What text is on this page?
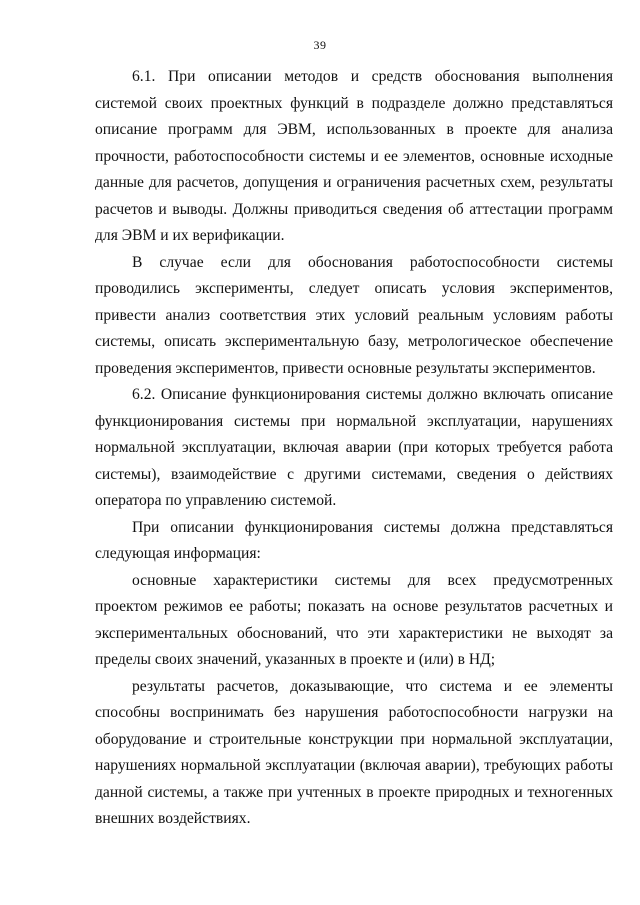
39

6.1. При описании методов и средств обоснования выполнения системой своих проектных функций в подразделе должно представляться описание программ для ЭВМ, использованных в проекте для анализа прочности, работоспособности системы и ее элементов, основные исходные данные для расчетов, допущения и ограничения расчетных схем, результаты расчетов и выводы. Должны приводиться сведения об аттестации программ для ЭВМ и их верификации.

В случае если для обоснования работоспособности системы проводились эксперименты, следует описать условия экспериментов, привести анализ соответствия этих условий реальным условиям работы системы, описать экспериментальную базу, метрологическое обеспечение проведения экспериментов, привести основные результаты экспериментов.

6.2. Описание функционирования системы должно включать описание функционирования системы при нормальной эксплуатации, нарушениях нормальной эксплуатации, включая аварии (при которых требуется работа системы), взаимодействие с другими системами, сведения о действиях оператора по управлению системой.

При описании функционирования системы должна представляться следующая информация:

основные характеристики системы для всех предусмотренных проектом режимов ее работы; показать на основе результатов расчетных и экспериментальных обоснований, что эти характеристики не выходят за пределы своих значений, указанных в проекте и (или) в НД;

результаты расчетов, доказывающие, что система и ее элементы способны воспринимать без нарушения работоспособности нагрузки на оборудование и строительные конструкции при нормальной эксплуатации, нарушениях нормальной эксплуатации (включая аварии), требующих работы данной системы, а также при учтенных в проекте природных и техногенных внешних воздействиях.
